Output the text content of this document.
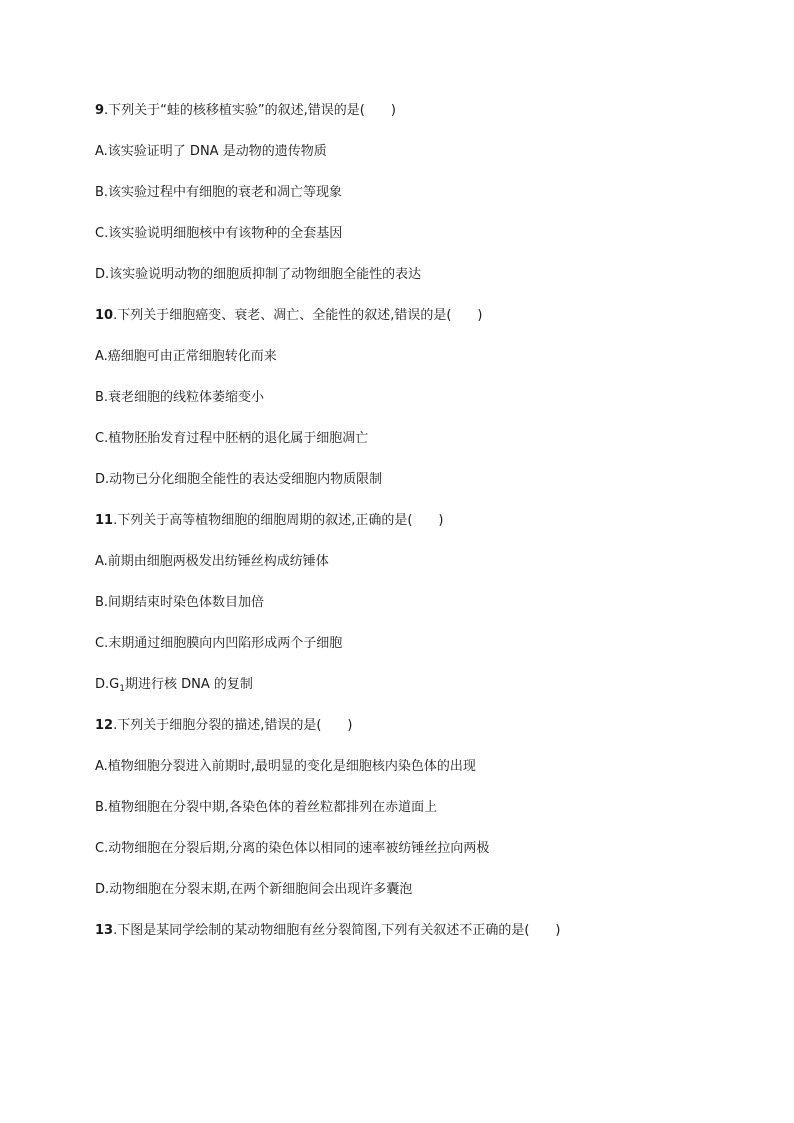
9.下列关于“蛙的核移植实验”的叙述,错误的是(　　)
A.该实验证明了 DNA 是动物的遗传物质
B.该实验过程中有细胞的衰老和凋亡等现象
C.该实验说明细胞核中有该物种的全套基因
D.该实验说明动物的细胞质抑制了动物细胞全能性的表达
10.下列关于细胞癌变、衰老、凋亡、全能性的叙述,错误的是(　　)
A.癌细胞可由正常细胞转化而来
B.衰老细胞的线粒体萎缩变小
C.植物胚胎发育过程中胚柄的退化属于细胞凋亡
D.动物已分化细胞全能性的表达受细胞内物质限制
11.下列关于高等植物细胞的细胞周期的叙述,正确的是(　　)
A.前期由细胞两极发出纺锤丝构成纺锤体
B.间期结束时染色体数目加倍
C.末期通过细胞膜向内凹陷形成两个子细胞
$D.G_1$期进行核 DNA 的复制
12.下列关于细胞分裂的描述,错误的是(　　)
A.植物细胞分裂进入前期时,最明显的变化是细胞核内染色体的出现
B.植物细胞在分裂中期,各染色体的着丝粒都排列在赤道面上
C.动物细胞在分裂后期,分离的染色体以相同的速率被纺锤丝拉向两极
D.动物细胞在分裂末期,在两个新细胞间会出现许多囊泡
13.下图是某同学绘制的某动物细胞有丝分裂简图,下列有关叙述不正确的是(　　)
